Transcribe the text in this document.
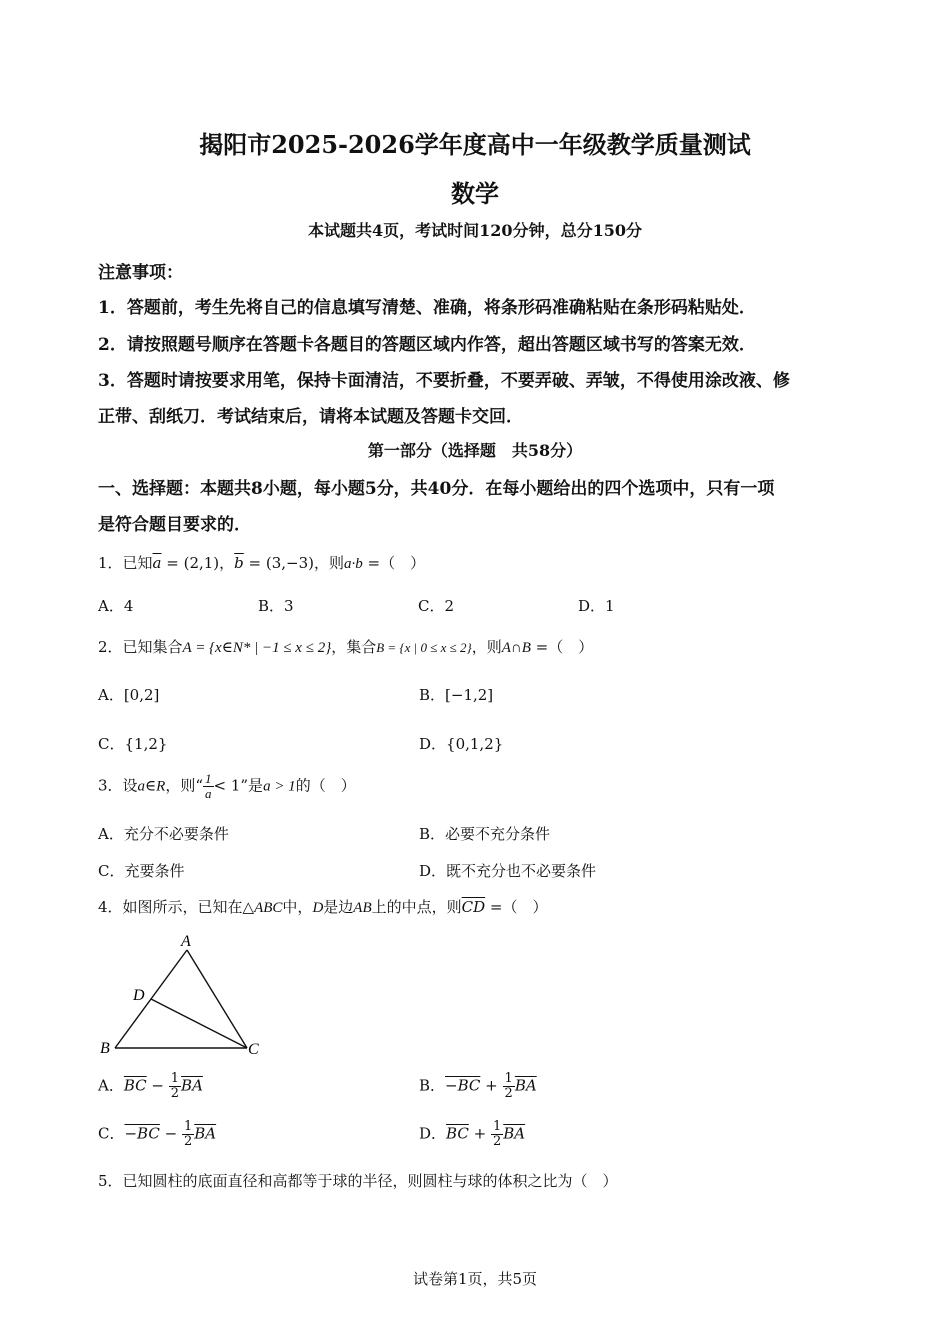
揭阳市2025-2026学年度高中一年级教学质量测试
数学
本试题共4页，考试时间120分钟，总分150分
注意事项：
1．答题前，考生先将自己的信息填写清楚、准确，将条形码准确粘贴在条形码粘贴处．
2．请按照题号顺序在答题卡各题目的答题区域内作答，超出答题区域书写的答案无效．
3．答题时请按要求用笔，保持卡面清洁，不要折叠，不要弄破、弄皱，不得使用涂改液、修
正带、刮纸刀．考试结束后，请将本试题及答题卡交回．
第一部分（选择题　共58分）
一、选择题：本题共8小题，每小题5分，共40分．在每小题给出的四个选项中，只有一项
是符合题目要求的．
1．已知$\overline{a} = (2,1)$，$\overline{b} = (3,-3)$，则a·b =（　）
A．4	B．3	C．2	D．1
2．已知集合A = {x∈N* | −1 ≤ x ≤ 2}，集合B = {x | 0 ≤ x ≤ 2}，则A∩B =（　）
A．[0,2]	B．[−1,2]
C．{1,2}	D．{0,1,2}
3．设a∈R，则“ $\frac{1}{a} < 1$”是a > 1的（　）
A．充分不必要条件	B．必要不充分条件
C．充要条件	D．既不充分也不必要条件
4．如图所示，已知在△ABC中，D是边AB上的中点，则$\overline{CD}$ =（　）
A
D
B	C
A．$\overline{BC} - \frac{1}{2} \overline{BA}$	B．$-BC + \frac{1}{2} \overline{BA}$
C．$-BC - \frac{1}{2} \overline{BA}$	D．$\overline{BC} + \frac{1}{2} \overline{BA}$
5．已知圆柱的底面直径和高都等于球的半径，则圆柱与球的体积之比为（　）
试卷第1页，共5页
